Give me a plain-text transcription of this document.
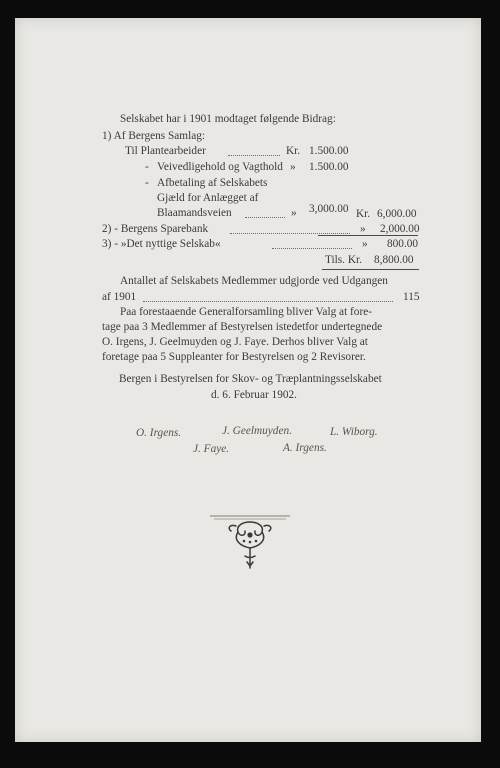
Selskabet har i 1901 modtaget følgende Bidrag:
1) Af Bergens Samlag:
Til Plantearbeider	Kr. 1.500.00
- Veivedligehold og Vagthold » 1.500.00
- Afbetaling af Selskabets
Gjæld for Anlægget af
Blaamandsveien	» 3,000.00 Kr. 6,000.00
2) - Bergens Sparebank	» 2,000.00
3) - »Det nyttige Selskab«	» 800.00
Tils. Kr. 8,800.00
Antallet af Selskabets Medlemmer udgjorde ved Udgangen
af 1901	115
Paa forestaaende Generalforsamling bliver Valg at fore-
tage paa 3 Medlemmer af Bestyrelsen istedetfor undertegnede
O. Irgens, J. Geelmuyden og J. Faye. Derhos bliver Valg at
foretage paa 5 Suppleanter for Bestyrelsen og 2 Revisorer.
Bergen i Bestyrelsen for Skov- og Træplantningsselskabet
d. 6. Februar 1902.
O. Irgens.	J. Geelmuyden.	L. Wiborg.
J. Faye.	A. Irgens.
